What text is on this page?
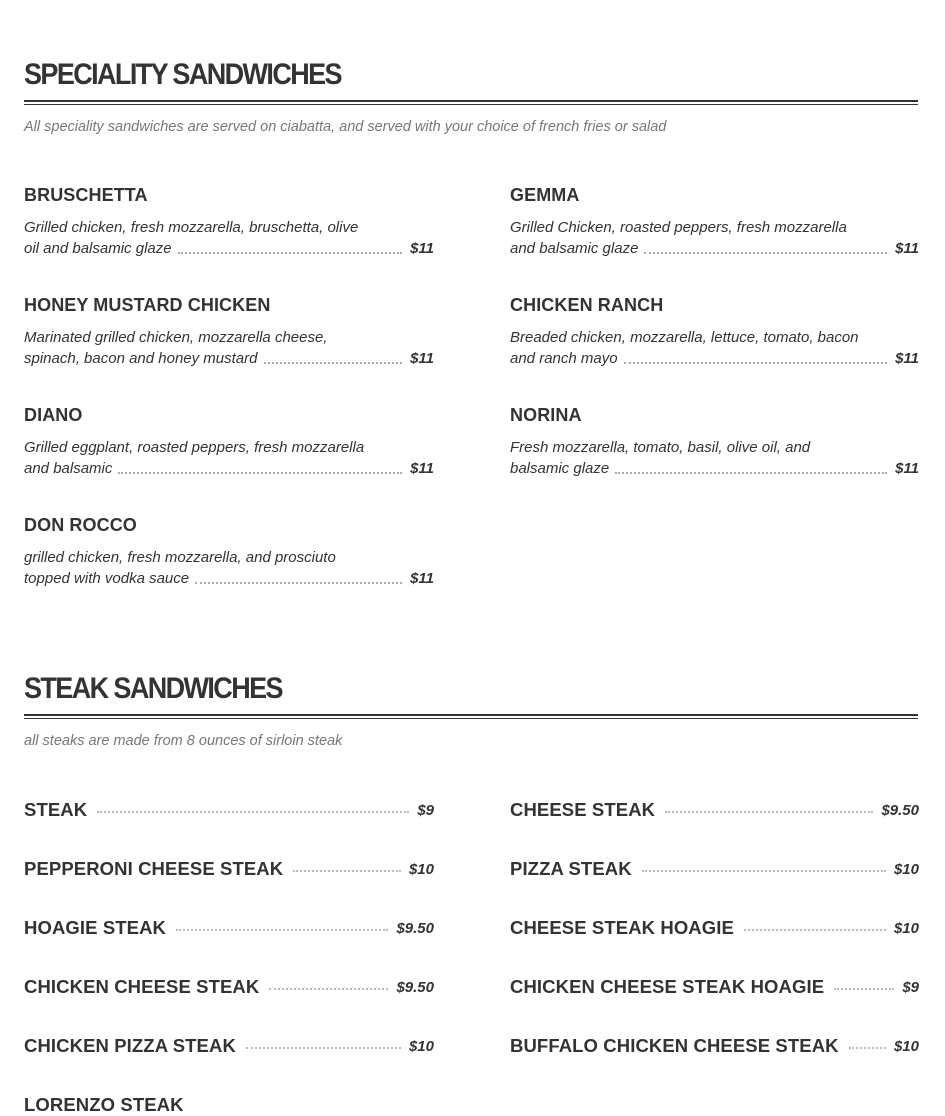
SPECIALITY SANDWICHES
All speciality sandwiches are served on ciabatta, and served with your choice of french fries or salad
BRUSCHETTA
Grilled chicken, fresh mozzarella, bruschetta, olive
oil and balsamic glaze	$11
GEMMA
Grilled Chicken, roasted peppers, fresh mozzarella
and balsamic glaze	$11
HONEY MUSTARD CHICKEN
Marinated grilled chicken, mozzarella cheese,
spinach, bacon and honey mustard	$11
CHICKEN RANCH
Breaded chicken, mozzarella, lettuce, tomato, bacon
and ranch mayo	$11
DIANO
Grilled eggplant, roasted peppers, fresh mozzarella
and balsamic	$11
NORINA
Fresh mozzarella, tomato, basil, olive oil, and
balsamic glaze	$11
DON ROCCO
grilled chicken, fresh mozzarella, and prosciuto
topped with vodka sauce	$11
STEAK SANDWICHES
all steaks are made from 8 ounces of sirloin steak
STEAK	$9	CHEESE STEAK	$9.50
PEPPERONI CHEESE STEAK	$10	PIZZA STEAK	$10
HOAGIE STEAK	$9.50	CHEESE STEAK HOAGIE	$10
CHICKEN CHEESE STEAK	$9.50	CHICKEN CHEESE STEAK HOAGIE	$9
CHICKEN PIZZA STEAK	$10	BUFFALO CHICKEN CHEESE STEAK	$10
LORENZO STEAK
